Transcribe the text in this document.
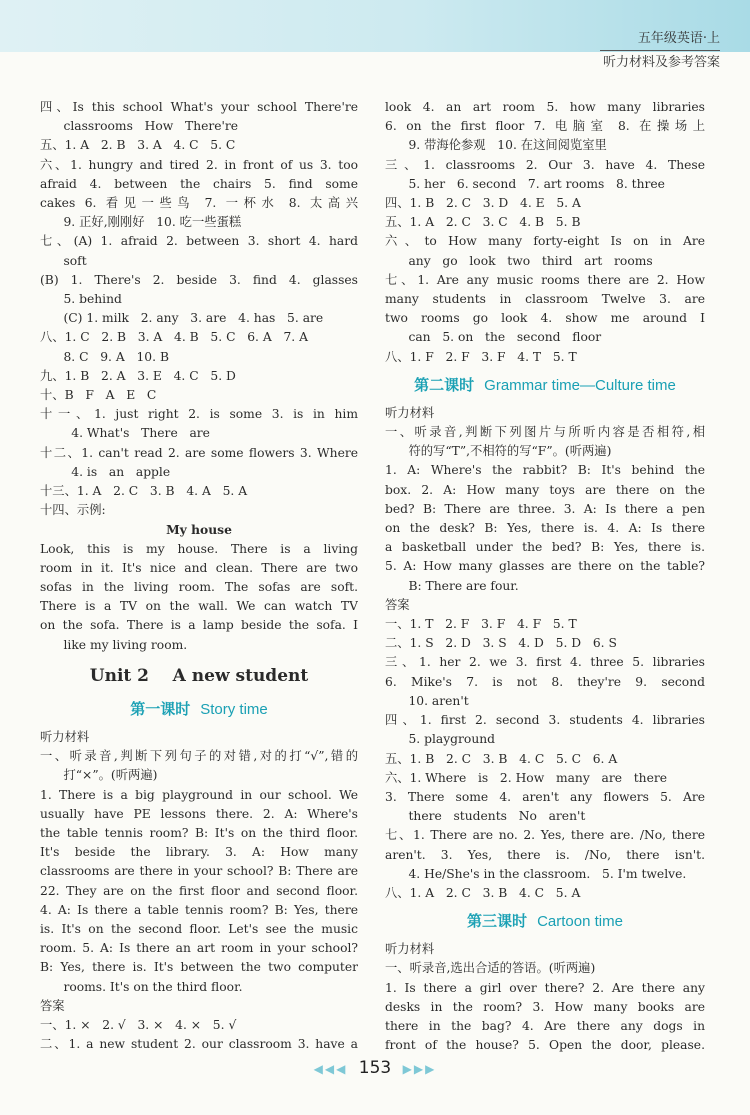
五年级英语·上
听力材料及参考答案
四、Is this school What's your school There're
classrooms   How   There're
五、1. A   2. B   3. A   4. C   5. C
六、1. hungry and tired 2. in front of us 3. too
afraid 4. between the chairs 5. find some
cakes 6. 看见一些鸟 7. 一杯水 8. 太高兴
9. 正好,刚刚好   10. 吃一些蛋糕
七、(A) 1. afraid 2. between 3. short 4. hard
soft
(B) 1. There's 2. beside 3. find 4. glasses
5. behind
(C) 1. milk   2. any   3. are   4. has   5. are
八、1. C   2. B   3. A   4. B   5. C   6. A   7. A
8. C   9. A   10. B
九、1. B   2. A   3. E   4. C   5. D
十、B   F   A   E   C
十一、1. just right 2. is some 3. is in him
4. What's   There   are
十二、1. can't read 2. are some flowers 3. Where
4. is   an   apple
十三、1. A   2. C   3. B   4. A   5. A
十四、示例:
My house
Look, this is my house. There is a living
room in it. It's nice and clean. There are two
sofas in the living room. The sofas are soft.
There is a TV on the wall. We can watch TV
on the sofa. There is a lamp beside the sofa. I
like my living room.
Unit 2    A new student
第一课时 Story time
听力材料
一、听录音,判断下列句子的对错,对的打“√”,错的
打“×”。(听两遍)
1. There is a big playground in our school. We
usually have PE lessons there. 2. A: Where's
the table tennis room? B: It's on the third floor.
It's beside the library. 3. A: How many
classrooms are there in your school? B: There are
22. They are on the first floor and second floor.
4. A: Is there a table tennis room? B: Yes, there
is. It's on the second floor. Let's see the music
room. 5. A: Is there an art room in your school?
B: Yes, there is. It's between the two computer
rooms. It's on the third floor.
答案
一、1. ×   2. √   3. ×   4. ×   5. √
二、1. a new student 2. our classroom 3. have a
look 4. an art room 5. how many libraries
6. on the first floor 7. 电脑室 8. 在操场上
9. 带海伦参观   10. 在这间阅览室里
三、1. classrooms 2. Our 3. have 4. These
5. her   6. second   7. art rooms   8. three
四、1. B   2. C   3. D   4. E   5. A
五、1. A   2. C   3. C   4. B   5. B
六、to How many forty-eight Is on in Are
any   go   look   two   third   art   rooms
七、1. Are any music rooms there are 2. How
many students in classroom Twelve 3. are
two rooms go look 4. show me around I
can   5. on   the   second   floor
八、1. F   2. F   3. F   4. T   5. T
第二课时 Grammar time—Culture time
听力材料
一、听录音,判断下列图片与所听内容是否相符,相
符的写“T”,不相符的写“F”。(听两遍)
1. A: Where's the rabbit? B: It's behind the
box. 2. A: How many toys are there on the
bed? B: There are three. 3. A: Is there a pen
on the desk? B: Yes, there is. 4. A: Is there
a basketball under the bed? B: Yes, there is.
5. A: How many glasses are there on the table?
B: There are four.
答案
一、1. T   2. F   3. F   4. F   5. T
二、1. S   2. D   3. S   4. D   5. D   6. S
三、1. her 2. we 3. first 4. three 5. libraries
6. Mike's 7. is not 8. they're 9. second
10. aren't
四、1. first 2. second 3. students 4. libraries
5. playground
五、1. B   2. C   3. B   4. C   5. C   6. A
六、1. Where   is   2. How   many   are   there
3. There some 4. aren't any flowers 5. Are
there   students   No   aren't
七、1. There are no. 2. Yes, there are. /No, there
aren't. 3. Yes, there is. /No, there isn't.
4. He/She's in the classroom.   5. I'm twelve.
八、1. A   2. C   3. B   4. C   5. A
第三课时 Cartoon time
听力材料
一、听录音,选出合适的答语。(听两遍)
1. Is there a girl over there? 2. Are there any
desks in the room? 3. How many books are
there in the bag? 4. Are there any dogs in
front of the house? 5. Open the door, please.
◀◀◀ 153 ▶▶▶
